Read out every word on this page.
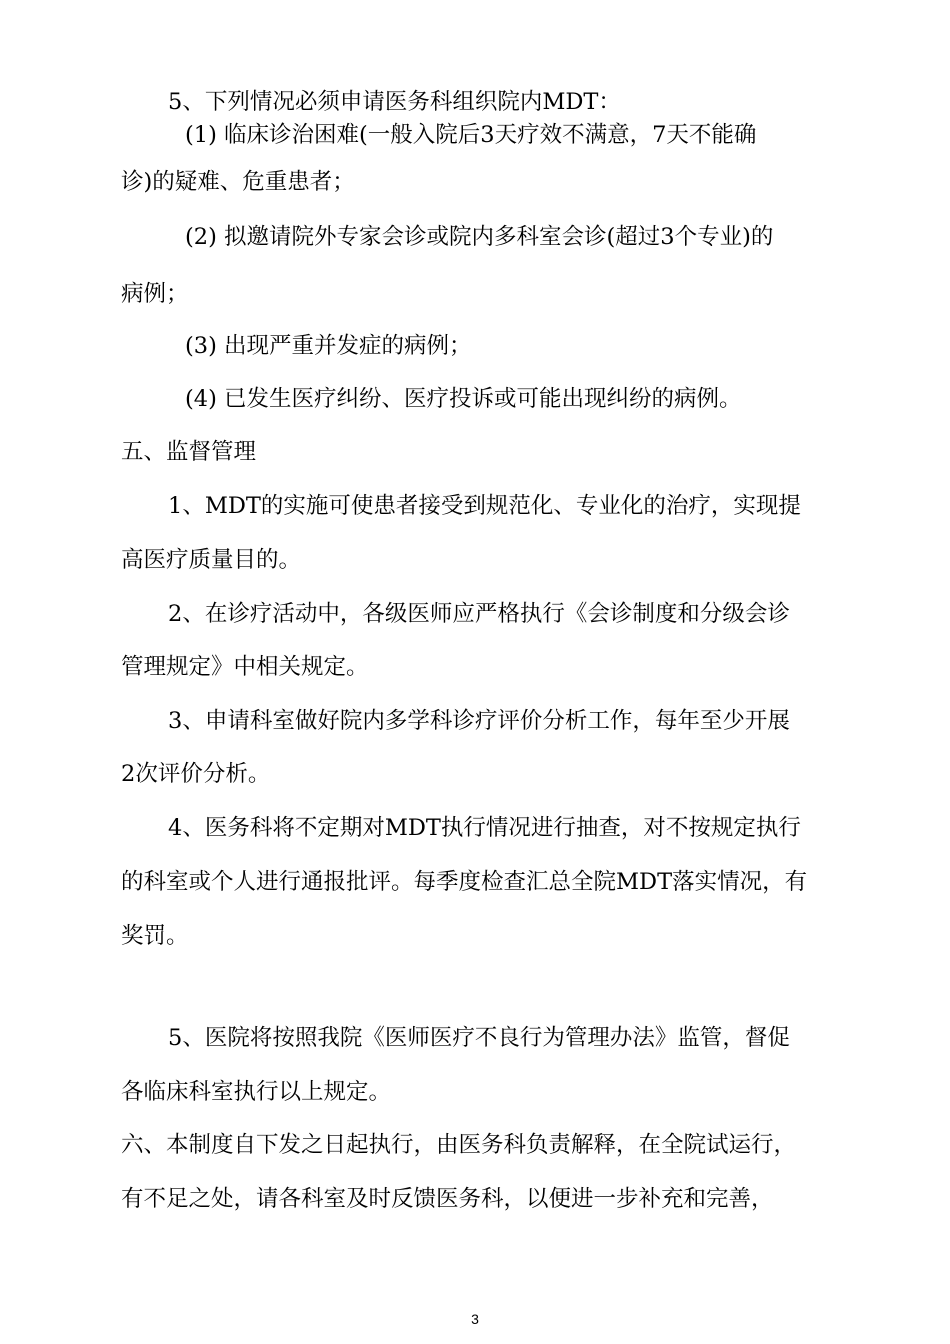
5、下列情况必须申请医务科组织院内MDT：
(1) 临床诊治困难(一般入院后3天疗效不满意，7天不能确
诊)的疑难、危重患者；
(2) 拟邀请院外专家会诊或院内多科室会诊(超过3个专业)的
病例；
(3) 出现严重并发症的病例；
(4) 已发生医疗纠纷、医疗投诉或可能出现纠纷的病例。
五、监督管理
1、MDT的实施可使患者接受到规范化、专业化的治疗，实现提
高医疗质量目的。
2、在诊疗活动中，各级医师应严格执行《会诊制度和分级会诊
管理规定》中相关规定。
3、申请科室做好院内多学科诊疗评价分析工作，每年至少开展
2次评价分析。
4、医务科将不定期对MDT执行情况进行抽查，对不按规定执行
的科室或个人进行通报批评。每季度检查汇总全院MDT落实情况，有
奖罚。
5、医院将按照我院《医师医疗不良行为管理办法》监管，督促
各临床科室执行以上规定。
六、本制度自下发之日起执行，由医务科负责解释，在全院试运行，
有不足之处，请各科室及时反馈医务科，以便进一步补充和完善，
3
